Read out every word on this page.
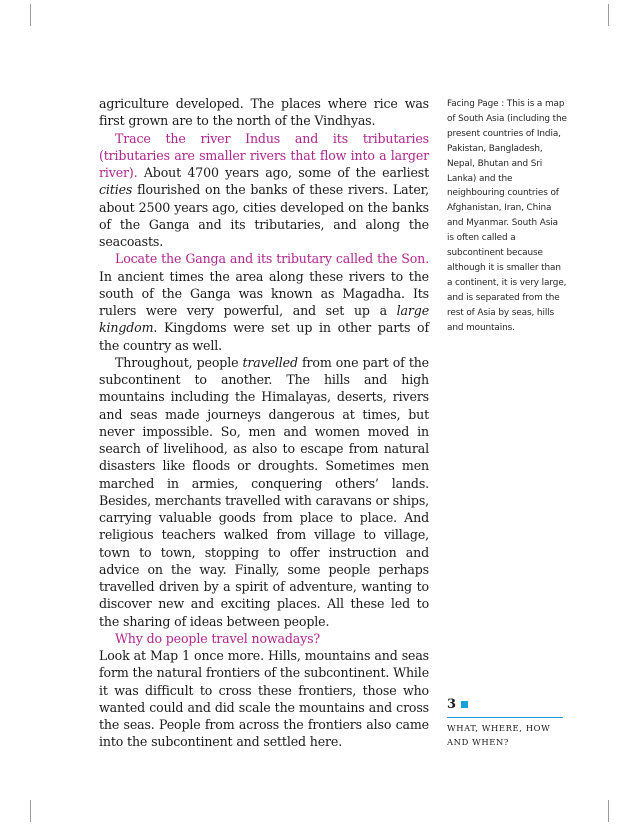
agriculture developed. The places where rice was first grown are to the north of the Vindhyas.

Trace the river Indus and its tributaries (tributaries are smaller rivers that flow into a larger river). About 4700 years ago, some of the earliest cities flourished on the banks of these rivers. Later, about 2500 years ago, cities developed on the banks of the Ganga and its tributaries, and along the seacoasts.

Locate the Ganga and its tributary called the Son. In ancient times the area along these rivers to the south of the Ganga was known as Magadha. Its rulers were very powerful, and set up a large kingdom. Kingdoms were set up in other parts of the country as well.

Throughout, people travelled from one part of the subcontinent to another. The hills and high mountains including the Himalayas, deserts, rivers and seas made journeys dangerous at times, but never impossible. So, men and women moved in search of livelihood, as also to escape from natural disasters like floods or droughts. Sometimes men marched in armies, conquering others’ lands. Besides, merchants travelled with caravans or ships, carrying valuable goods from place to place. And religious teachers walked from village to village, town to town, stopping to offer instruction and advice on the way. Finally, some people perhaps travelled driven by a spirit of adventure, wanting to discover new and exciting places. All these led to the sharing of ideas between people.

Why do people travel nowadays?

Look at Map 1 once more. Hills, mountains and seas form the natural frontiers of the subcontinent. While it was difficult to cross these frontiers, those who wanted could and did scale the mountains and cross the seas. People from across the frontiers also came into the subcontinent and settled here.

Facing Page : This is a map of South Asia (including the present countries of India, Pakistan, Bangladesh, Nepal, Bhutan and Sri Lanka) and the neighbouring countries of Afghanistan, Iran, China and Myanmar. South Asia is often called a subcontinent because although it is smaller than a continent, it is very large, and is separated from the rest of Asia by seas, hills and mountains.
3
WHAT, WHERE, HOW
AND WHEN?
